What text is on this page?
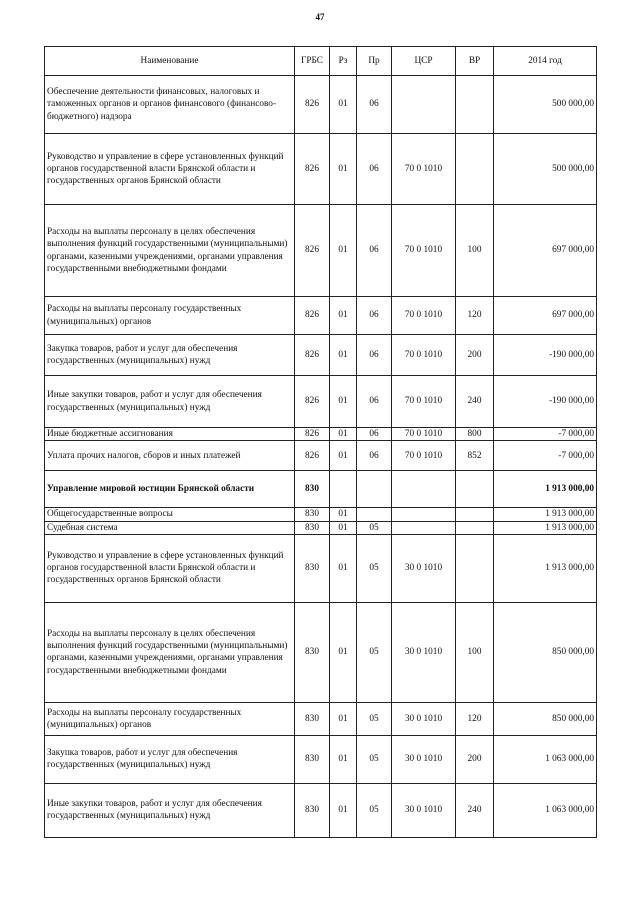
47
Наименование	ГРБС	Рз	Пр	ЦСР	ВР	2014 год
Обеспечение деятельности финансовых, налоговых и таможенных органов и органов финансового (финансово-бюджетного) надзора	826	01	06			500 000,00
Руководство и управление в сфере установленных функций органов государственной власти Брянской области и государственных органов Брянской области	826	01	06	70 0 1010		500 000,00
Расходы на выплаты персоналу в целях обеспечения выполнения функций государственными (муниципальными) органами, казенными учреждениями, органами управления государственными внебюджетными фондами	826	01	06	70 0 1010	100	697 000,00
Расходы на выплаты персоналу государственных (муниципальных) органов	826	01	06	70 0 1010	120	697 000,00
Закупка товаров, работ и услуг для обеспечения государственных (муниципальных) нужд	826	01	06	70 0 1010	200	-190 000,00
Иные закупки товаров, работ и услуг для обеспечения государственных (муниципальных) нужд	826	01	06	70 0 1010	240	-190 000,00
Иные бюджетные ассигнования	826	01	06	70 0 1010	800	-7 000,00
Уплата прочих налогов, сборов и иных платежей	826	01	06	70 0 1010	852	-7 000,00
Управление мировой юстиции Брянской области	830					1 913 000,00
Общегосударственные вопросы	830	01				1 913 000,00
Судебная система	830	01	05			1 913 000,00
Руководство и управление в сфере установленных функций органов государственной власти Брянской области и государственных органов Брянской области	830	01	05	30 0 1010		1 913 000,00
Расходы на выплаты персоналу в целях обеспечения выполнения функций государственными (муниципальными) органами, казенными учреждениями, органами управления государственными внебюджетными фондами	830	01	05	30 0 1010	100	850 000,00
Расходы на выплаты персоналу государственных (муниципальных) органов	830	01	05	30 0 1010	120	850 000,00
Закупка товаров, работ и услуг для обеспечения государственных (муниципальных) нужд	830	01	05	30 0 1010	200	1 063 000,00
Иные закупки товаров, работ и услуг для обеспечения государственных (муниципальных) нужд	830	01	05	30 0 1010	240	1 063 000,00
